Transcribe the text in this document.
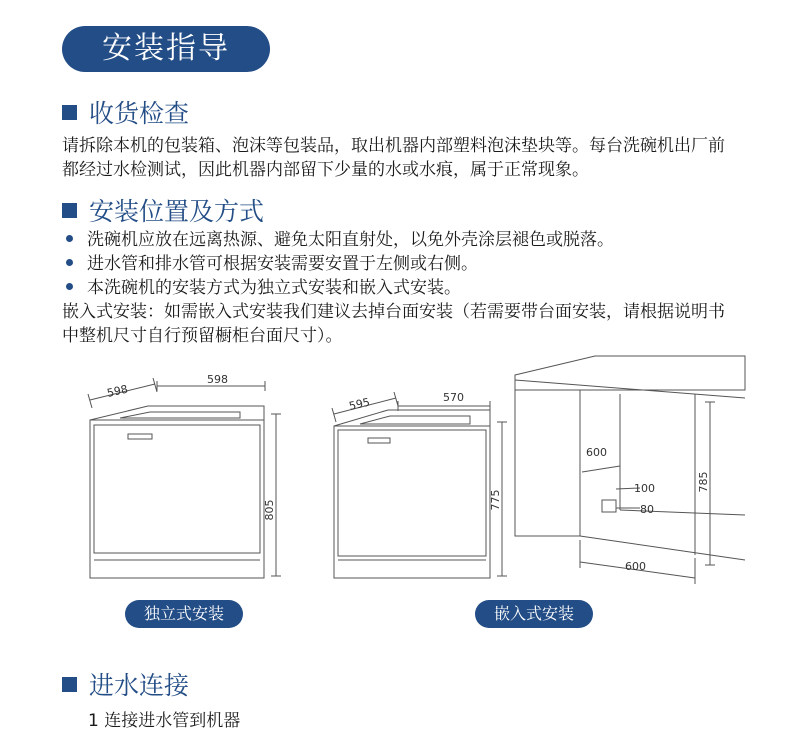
安装指导
收货检查
请拆除本机的包装箱、泡沫等包装品，取出机器内部塑料泡沫垫块等。每台洗碗机出厂前都经过水检测试，因此机器内部留下少量的水或水痕，属于正常现象。
安装位置及方式
洗碗机应放在远离热源、避免太阳直射处，以免外壳涂层褪色或脱落。
进水管和排水管可根据安装需要安置于左侧或右侧。
本洗碗机的安装方式为独立式安装和嵌入式安装。
嵌入式安装：如需嵌入式安装我们建议去掉台面安装（若需要带台面安装，请根据说明书中整机尺寸自行预留橱柜台面尺寸）。
598
598
805
595	570
775
600
100
80
600
785
独立式安装	嵌入式安装
进水连接
1 连接进水管到机器
